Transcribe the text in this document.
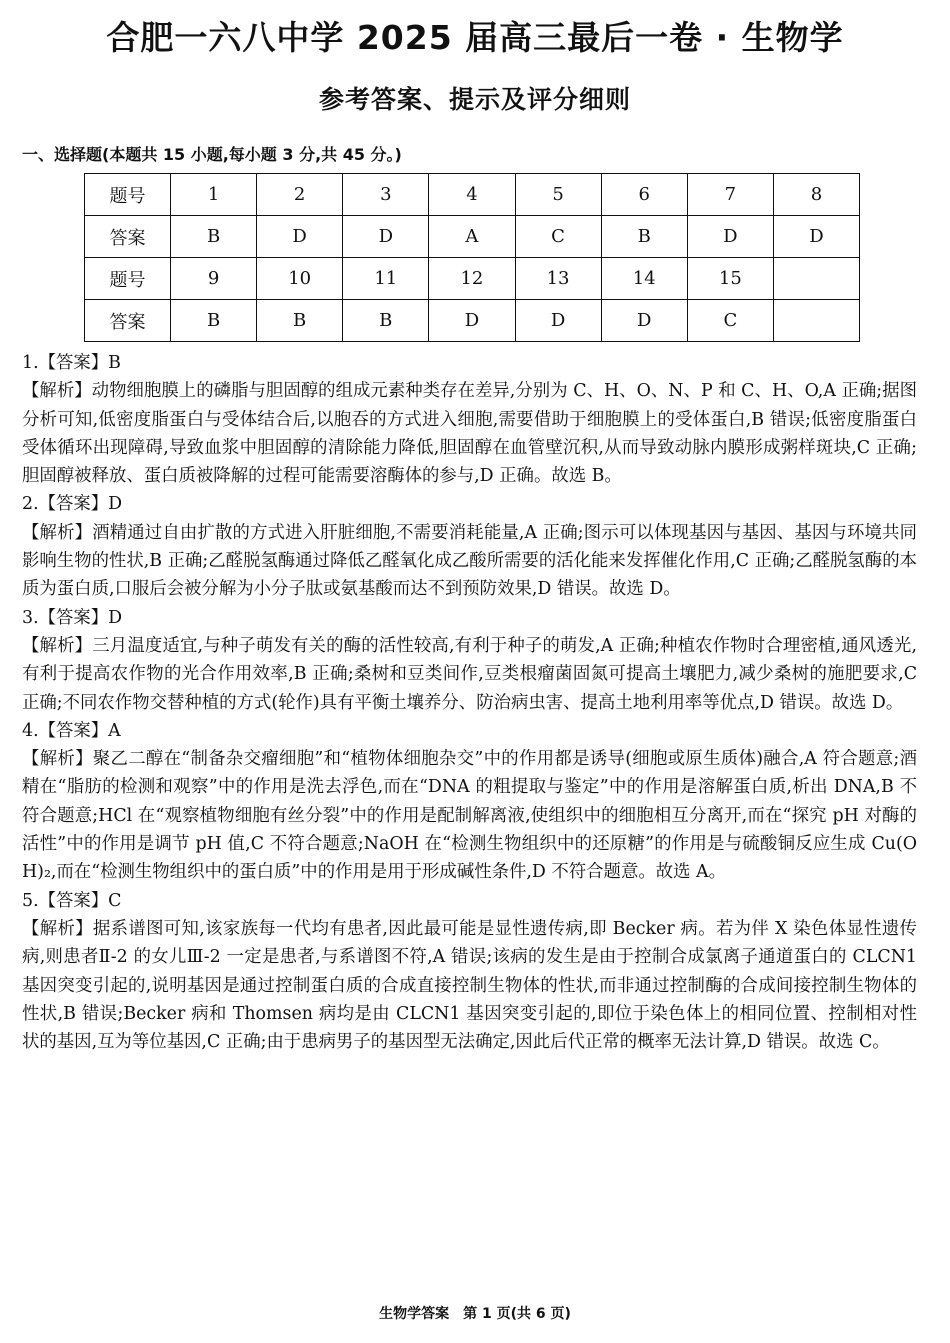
合肥一六八中学 2025 届高三最后一卷 · 生物学
参考答案、提示及评分细则
一、选择题(本题共 15 小题,每小题 3 分,共 45 分。)
题号	1	2	3	4	5	6	7	8
答案	B	D	D	A	C	B	D	D
题号	9	10	11	12	13	14	15	
答案	B	B	B	D	D	D	C	

1.【答案】B

【解析】动物细胞膜上的磷脂与胆固醇的组成元素种类存在差异,分别为 C、H、O、N、P 和 C、H、O,A 正确;据图分析可知,低密度脂蛋白与受体结合后,以胞吞的方式进入细胞,需要借助于细胞膜上的受体蛋白,B 错误;低密度脂蛋白受体循环出现障碍,导致血浆中胆固醇的清除能力降低,胆固醇在血管壁沉积,从而导致动脉内膜形成粥样斑块,C 正确;胆固醇被释放、蛋白质被降解的过程可能需要溶酶体的参与,D 正确。故选 B。

2.【答案】D

【解析】酒精通过自由扩散的方式进入肝脏细胞,不需要消耗能量,A 正确;图示可以体现基因与基因、基因与环境共同影响生物的性状,B 正确;乙醛脱氢酶通过降低乙醛氧化成乙酸所需要的活化能来发挥催化作用,C 正确;乙醛脱氢酶的本质为蛋白质,口服后会被分解为小分子肽或氨基酸而达不到预防效果,D 错误。故选 D。

3.【答案】D

【解析】三月温度适宜,与种子萌发有关的酶的活性较高,有利于种子的萌发,A 正确;种植农作物时合理密植,通风透光,有利于提高农作物的光合作用效率,B 正确;桑树和豆类间作,豆类根瘤菌固氮可提高土壤肥力,减少桑树的施肥要求,C 正确;不同农作物交替种植的方式(轮作)具有平衡土壤养分、防治病虫害、提高土地利用率等优点,D 错误。故选 D。

4.【答案】A

【解析】聚乙二醇在“制备杂交瘤细胞”和“植物体细胞杂交”中的作用都是诱导(细胞或原生质体)融合,A 符合题意;酒精在“脂肪的检测和观察”中的作用是洗去浮色,而在“DNA 的粗提取与鉴定”中的作用是溶解蛋白质,析出 DNA,B 不符合题意;HCl 在“观察植物细胞有丝分裂”中的作用是配制解离液,使组织中的细胞相互分离开,而在“探究 pH 对酶的活性”中的作用是调节 pH 值,C 不符合题意;NaOH 在“检测生物组织中的还原糖”的作用是与硫酸铜反应生成 Cu(OH)₂,而在“检测生物组织中的蛋白质”中的作用是用于形成碱性条件,D 不符合题意。故选 A。

5.【答案】C

【解析】据系谱图可知,该家族每一代均有患者,因此最可能是显性遗传病,即 Becker 病。若为伴 X 染色体显性遗传病,则患者Ⅱ-2 的女儿Ⅲ-2 一定是患者,与系谱图不符,A 错误;该病的发生是由于控制合成氯离子通道蛋白的 CLCN1 基因突变引起的,说明基因是通过控制蛋白质的合成直接控制生物体的性状,而非通过控制酶的合成间接控制生物体的性状,B 错误;Becker 病和 Thomsen 病均是由 CLCN1 基因突变引起的,即位于染色体上的相同位置、控制相对性状的基因,互为等位基因,C 正确;由于患病男子的基因型无法确定,因此后代正常的概率无法计算,D 错误。故选 C。

生物学答案　第 1 页(共 6 页)
